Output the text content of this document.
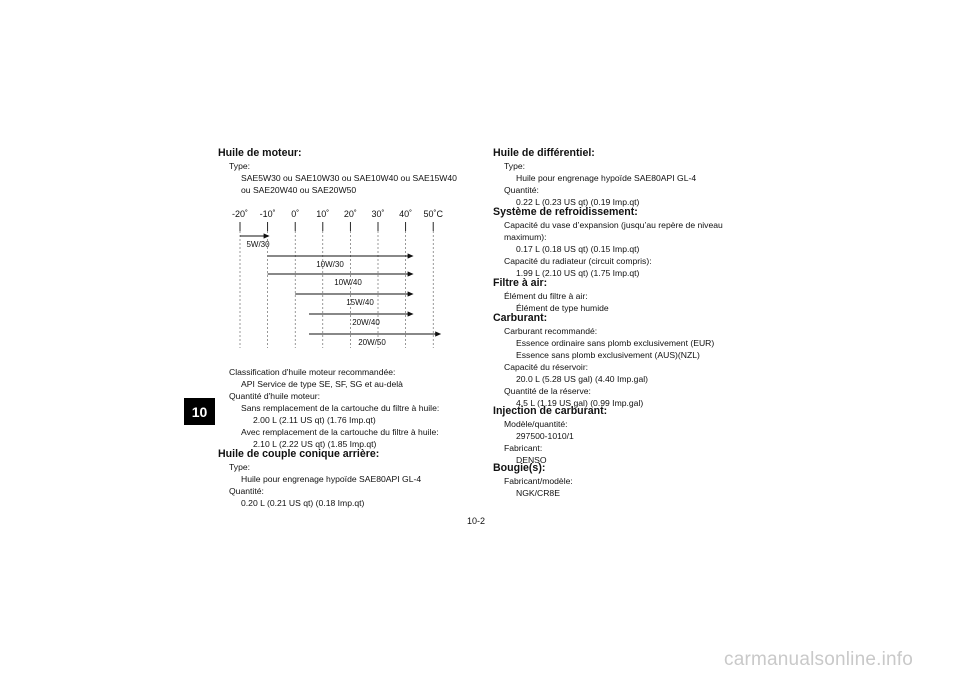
10
Huile de moteur:
Type:
SAE5W30 ou SAE10W30 ou SAE10W40 ou SAE15W40
ou SAE20W40 ou SAE20W50
-20˚ -10˚ 0˚ 10˚ 20˚ 30˚ 40˚ 50˚C
5W/30
10W/30
10W/40
15W/40
20W/40
20W/50
Classification d'huile moteur recommandée:
API Service de type SE, SF, SG et au-delà
Quantité d'huile moteur:
Sans remplacement de la cartouche du filtre à huile:
2.00 L (2.11 US qt) (1.76 Imp.qt)
Avec remplacement de la cartouche du filtre à huile:
2.10 L (2.22 US qt) (1.85 Imp.qt)
Huile de couple conique arrière:
Type:
Huile pour engrenage hypoïde SAE80API GL-4
Quantité:
0.20 L (0.21 US qt) (0.18 Imp.qt)
Huile de différentiel:
Type:
Huile pour engrenage hypoïde SAE80API GL-4
Quantité:
0.22 L (0.23 US qt) (0.19 Imp.qt)
Système de refroidissement:
Capacité du vase d’expansion (jusqu’au repère de niveau
maximum):
0.17 L (0.18 US qt) (0.15 Imp.qt)
Capacité du radiateur (circuit compris):
1.99 L (2.10 US qt) (1.75 Imp.qt)
Filtre à air:
Élément du filtre à air:
Élément de type humide
Carburant:
Carburant recommandé:
Essence ordinaire sans plomb exclusivement (EUR)
Essence sans plomb exclusivement (AUS)(NZL)
Capacité du réservoir:
20.0 L (5.28 US gal) (4.40 Imp.gal)
Quantité de la réserve:
4.5 L (1.19 US gal) (0.99 Imp.gal)
Injection de carburant:
Modèle/quantité:
297500-1010/1
Fabricant:
DENSO
Bougie(s):
Fabricant/modèle:
NGK/CR8E
10-2
carmanualsonline.info
